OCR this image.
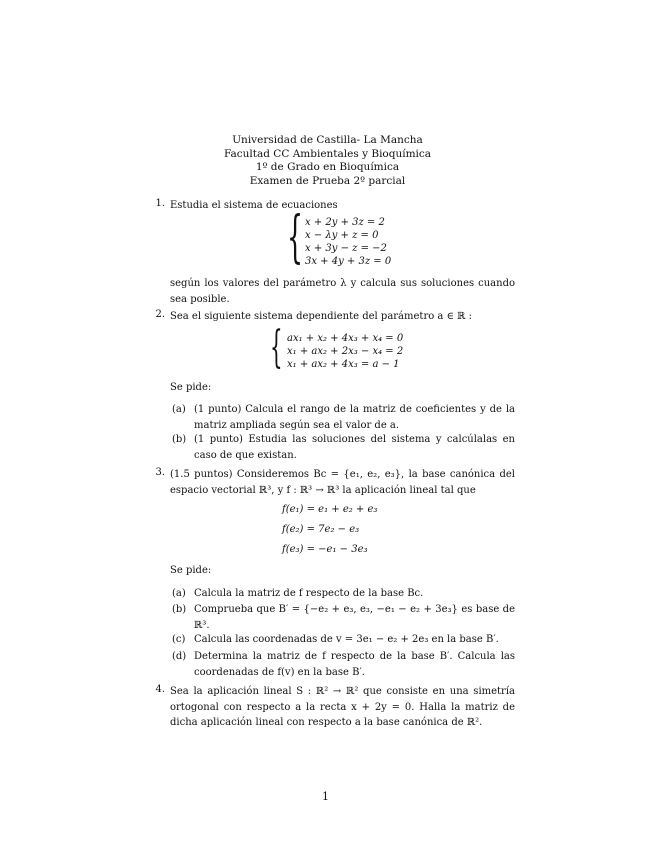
Universidad de Castilla- La Mancha
Facultad CC Ambientales y Bioquímica
1º de Grado en Bioquímica
Examen de Prueba 2º parcial
1. Estudia el sistema de ecuaciones
{ x + 2y + 3z = 2
x − λy + z = 0
x + 3y − z = −2
3x + 4y + 3z = 0
según los valores del parámetro λ y calcula sus soluciones cuando sea posible.
2. Sea el siguiente sistema dependiente del parámetro a ∈ ℝ :
{ ax₁ + x₂ + 4x₃ + x₄ = 0
x₁ + ax₂ + 2x₃ − x₄ = 2
x₁ + ax₂ + 4x₃ = a − 1
Se pide:
(a) (1 punto) Calcula el rango de la matriz de coeficientes y de la matriz ampliada según sea el valor de a.
(b) (1 punto) Estudia las soluciones del sistema y calcúlalas en caso de que existan.
3. (1.5 puntos) Consideremos Bc = {e₁, e₂, e₃}, la base canónica del espacio vectorial ℝ³, y f : ℝ³ → ℝ³ la aplicación lineal tal que
f(e₁) = e₁ + e₂ + e₃
f(e₂) = 7e₂ − e₃
f(e₃) = −e₁ − 3e₃
Se pide:
(a) Calcula la matriz de f respecto de la base Bc.
(b) Comprueba que B′ = {−e₂ + e₃, e₃, −e₁ − e₂ + 3e₃} es base de ℝ³.
(c) Calcula las coordenadas de v = 3e₁ − e₂ + 2e₃ en la base B′.
(d) Determina la matriz de f respecto de la base B′. Calcula las coordenadas de f(v) en la base B′.
4. Sea la aplicación lineal S : ℝ² → ℝ² que consiste en una simetría ortogonal con respecto a la recta x + 2y = 0. Halla la matriz de dicha aplicación lineal con respecto a la base canónica de ℝ².
1
